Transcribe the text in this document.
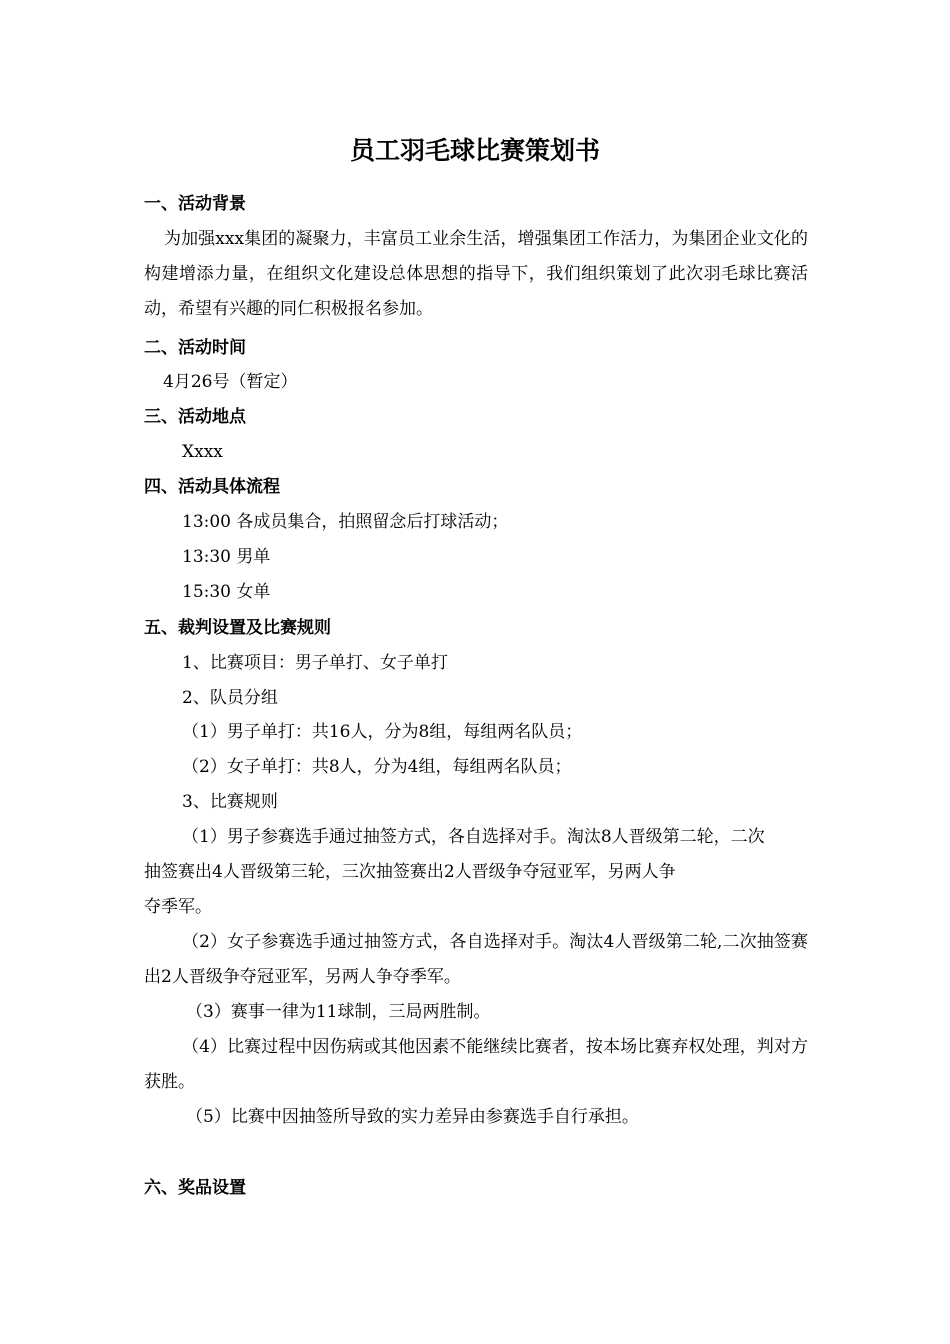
员工羽毛球比赛策划书
一、活动背景
为加强xxx集团的凝聚力，丰富员工业余生活，增强集团工作活力，为集团企业文化的构建增添力量，在组织文化建设总体思想的指导下，我们组织策划了此次羽毛球比赛活动，希望有兴趣的同仁积极报名参加。
二、活动时间
4月26号（暂定）
三、活动地点
Xxxx
四、活动具体流程
13:00 各成员集合，拍照留念后打球活动；
13:30 男单
15:30 女单
五、裁判设置及比赛规则
1、比赛项目：男子单打、女子单打
2、队员分组
（1）男子单打：共16人，分为8组，每组两名队员；
（2）女子单打：共8人，分为4组，每组两名队员；
3、比赛规则
（1）男子参赛选手通过抽签方式，各自选择对手。淘汰8人晋级第二轮，二次
抽签赛出4人晋级第三轮，三次抽签赛出2人晋级争夺冠亚军，另两人争
夺季军。
（2）女子参赛选手通过抽签方式，各自选择对手。淘汰4人晋级第二轮,二次抽签赛出2人晋级争夺冠亚军，另两人争夺季军。
（3）赛事一律为11球制，三局两胜制。
（4）比赛过程中因伤病或其他因素不能继续比赛者，按本场比赛弃权处理，判对方获胜。
（5）比赛中因抽签所导致的实力差异由参赛选手自行承担。
六、奖品设置
